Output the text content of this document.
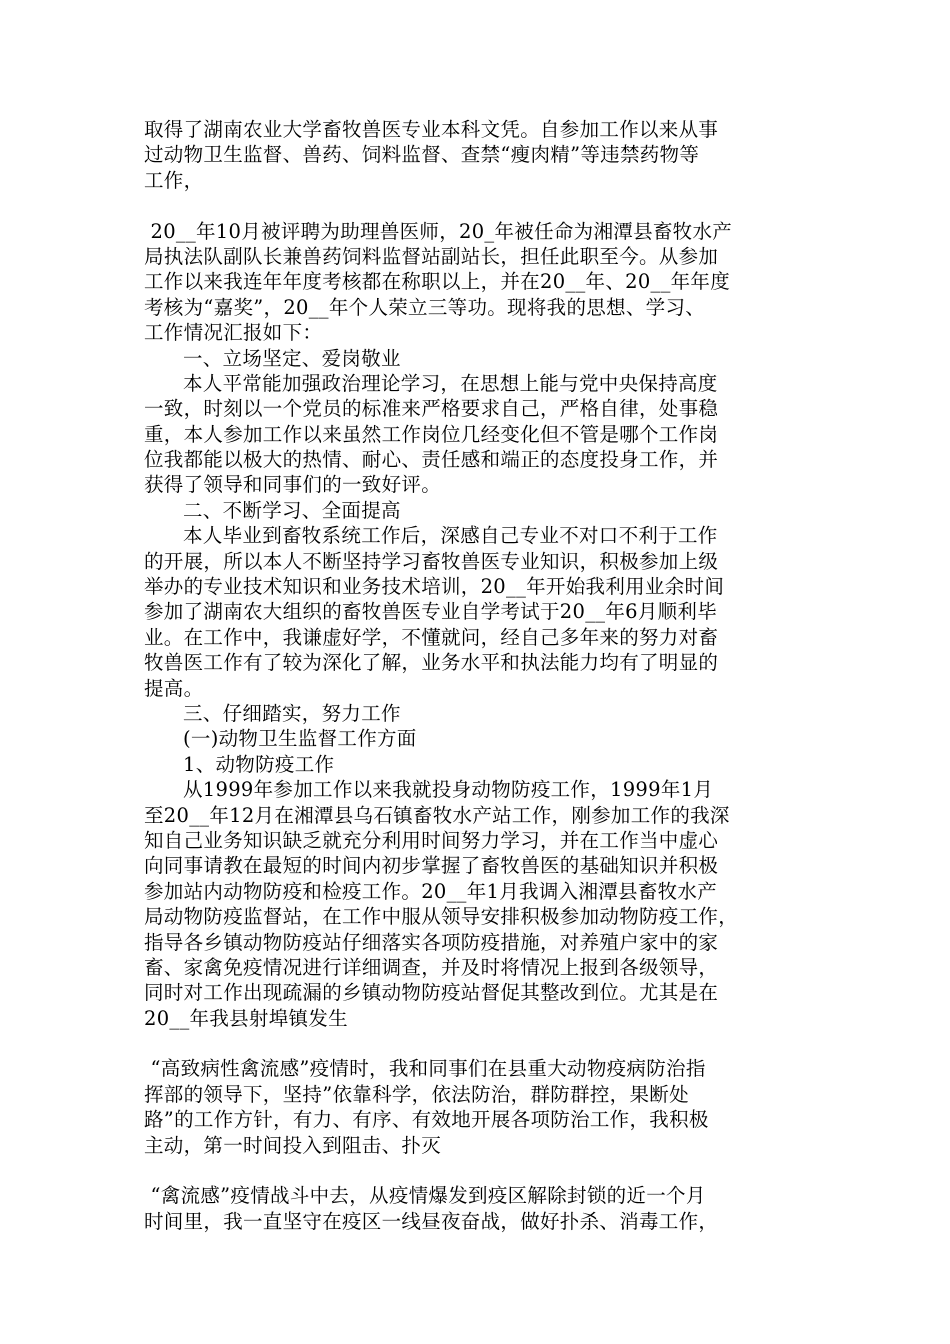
取得了湖南农业大学畜牧兽医专业本科文凭。自参加工作以来从事
过动物卫生监督、兽药、饲料监督、查禁“瘦肉精”等违禁药物等
工作，
20__年10月被评聘为助理兽医师，20_年被任命为湘潭县畜牧水产
局执法队副队长兼兽药饲料监督站副站长，担任此职至今。从参加
工作以来我连年年度考核都在称职以上，并在20__年、20__年年度
考核为“嘉奖”，20__年个人荣立三等功。现将我的思想、学习、
工作情况汇报如下：
一、立场坚定、爱岗敬业
本人平常能加强政治理论学习，在思想上能与党中央保持高度
一致，时刻以一个党员的标准来严格要求自己，严格自律，处事稳
重，本人参加工作以来虽然工作岗位几经变化但不管是哪个工作岗
位我都能以极大的热情、耐心、责任感和端正的态度投身工作，并
获得了领导和同事们的一致好评。
二、不断学习、全面提高
本人毕业到畜牧系统工作后，深感自己专业不对口不利于工作
的开展，所以本人不断坚持学习畜牧兽医专业知识，积极参加上级
举办的专业技术知识和业务技术培训，20__年开始我利用业余时间
参加了湖南农大组织的畜牧兽医专业自学考试于20__年6月顺利毕
业。在工作中，我谦虚好学，不懂就问，经自己多年来的努力对畜
牧兽医工作有了较为深化了解，业务水平和执法能力均有了明显的
提高。
三、仔细踏实，努力工作
(一)动物卫生监督工作方面
1、动物防疫工作
从1999年参加工作以来我就投身动物防疫工作，1999年1月
至20__年12月在湘潭县乌石镇畜牧水产站工作，刚参加工作的我深
知自己业务知识缺乏就充分利用时间努力学习，并在工作当中虚心
向同事请教在最短的时间内初步掌握了畜牧兽医的基础知识并积极
参加站内动物防疫和检疫工作。20__年1月我调入湘潭县畜牧水产
局动物防疫监督站，在工作中服从领导安排积极参加动物防疫工作，
指导各乡镇动物防疫站仔细落实各项防疫措施，对养殖户家中的家
畜、家禽免疫情况进行详细调查，并及时将情况上报到各级领导，
同时对工作出现疏漏的乡镇动物防疫站督促其整改到位。尤其是在
20__年我县射埠镇发生
“高致病性禽流感”疫情时，我和同事们在县重大动物疫病防治指
挥部的领导下，坚持”依靠科学，依法防治，群防群控，果断处
路”的工作方针，有力、有序、有效地开展各项防治工作，我积极
主动，第一时间投入到阻击、扑灭
“禽流感”疫情战斗中去，从疫情爆发到疫区解除封锁的近一个月
时间里，我一直坚守在疫区一线昼夜奋战，做好扑杀、消毒工作，
